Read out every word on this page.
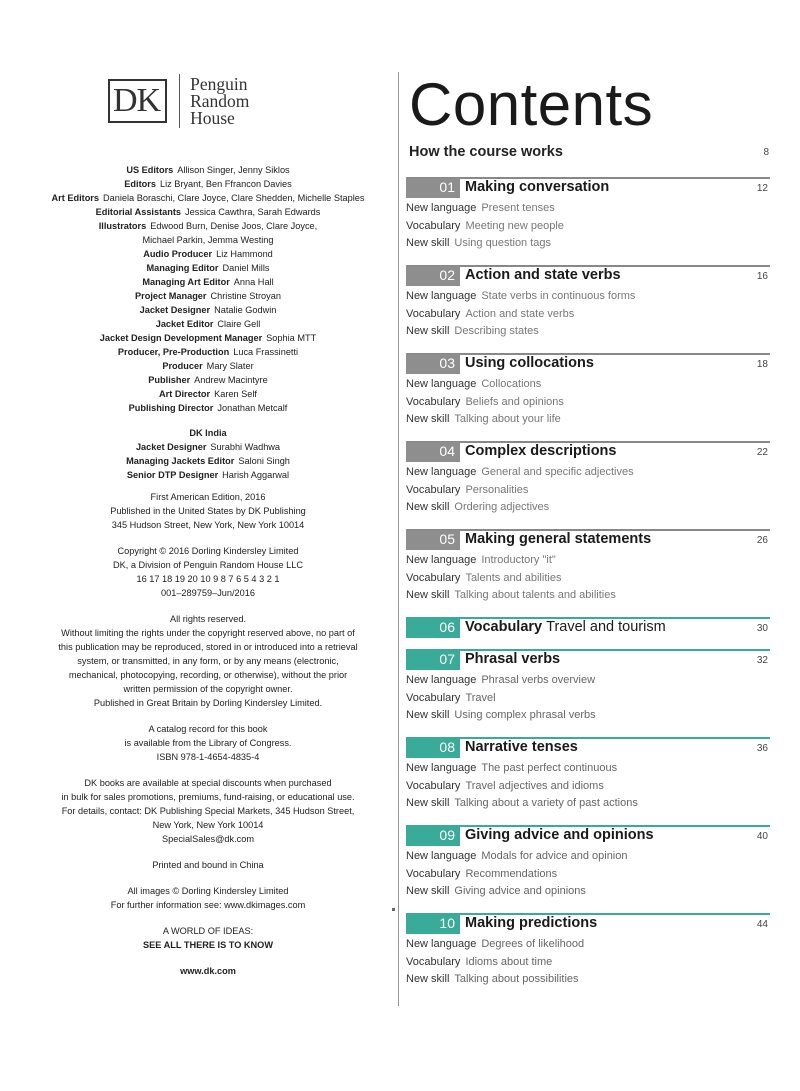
DK Penguin
Random
House
US Editors Allison Singer, Jenny Siklos
Editors Liz Bryant, Ben Ffrancon Davies
Art Editors Daniela Boraschi, Clare Joyce, Clare Shedden, Michelle Staples
Editorial Assistants Jessica Cawthra, Sarah Edwards
Illustrators Edwood Burn, Denise Joos, Clare Joyce,
Michael Parkin, Jemma Westing
Audio Producer Liz Hammond
Managing Editor Daniel Mills
Managing Art Editor Anna Hall
Project Manager Christine Stroyan
Jacket Designer Natalie Godwin
Jacket Editor Claire Gell
Jacket Design Development Manager Sophia MTT
Producer, Pre-Production Luca Frassinetti
Producer Mary Slater
Publisher Andrew Macintyre
Art Director Karen Self
Publishing Director Jonathan Metcalf
DK India
Jacket Designer Surabhi Wadhwa
Managing Jackets Editor Saloni Singh
Senior DTP Designer Harish Aggarwal
First American Edition, 2016
Published in the United States by DK Publishing
345 Hudson Street, New York, New York 10014
Copyright © 2016 Dorling Kindersley Limited
DK, a Division of Penguin Random House LLC
16 17 18 19 20 10 9 8 7 6 5 4 3 2 1
001–289759–Jun/2016
All rights reserved.
Without limiting the rights under the copyright reserved above, no part of
this publication may be reproduced, stored in or introduced into a retrieval
system, or transmitted, in any form, or by any means (electronic,
mechanical, photocopying, recording, or otherwise), without the prior
written permission of the copyright owner.
Published in Great Britain by Dorling Kindersley Limited.
A catalog record for this book
is available from the Library of Congress.
ISBN 978-1-4654-4835-4
DK books are available at special discounts when purchased
in bulk for sales promotions, premiums, fund-raising, or educational use.
For details, contact: DK Publishing Special Markets, 345 Hudson Street,
New York, New York 10014
SpecialSales@dk.com
Printed and bound in China
All images © Dorling Kindersley Limited
For further information see: www.dkimages.com
A WORLD OF IDEAS:
SEE ALL THERE IS TO KNOW
www.dk.com
Contents
How the course works	8
01 Making conversation	12
New language Present tenses
Vocabulary Meeting new people
New skill Using question tags
02 Action and state verbs	16
New language State verbs in continuous forms
Vocabulary Action and state verbs
New skill Describing states
03 Using collocations	18
New language Collocations
Vocabulary Beliefs and opinions
New skill Talking about your life
04 Complex descriptions	22
New language General and specific adjectives
Vocabulary Personalities
New skill Ordering adjectives
05 Making general statements	26
New language Introductory "it"
Vocabulary Talents and abilities
New skill Talking about talents and abilities
06 Vocabulary Travel and tourism	30
07 Phrasal verbs	32
New language Phrasal verbs overview
Vocabulary Travel
New skill Using complex phrasal verbs
08 Narrative tenses	36
New language The past perfect continuous
Vocabulary Travel adjectives and idioms
New skill Talking about a variety of past actions
09 Giving advice and opinions	40
New language Modals for advice and opinion
Vocabulary Recommendations
New skill Giving advice and opinions
10 Making predictions	44
New language Degrees of likelihood
Vocabulary Idioms about time
New skill Talking about possibilities
